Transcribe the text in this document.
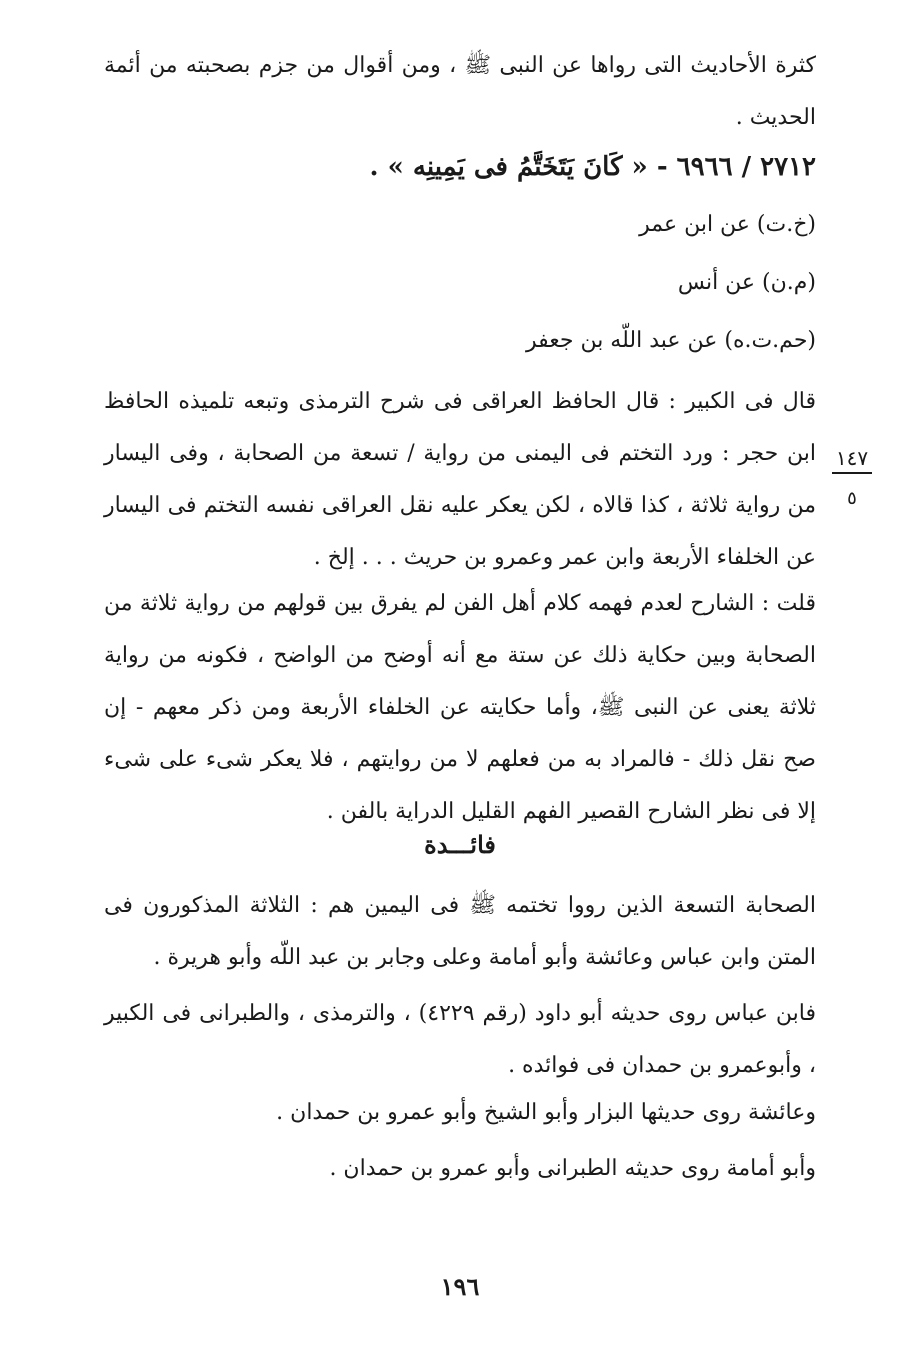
كثرة الأحاديث التى رواها عن النبى ﷺ ، ومن أقوال من جزم بصحبته من أئمة الحديث .
٢٧١٢ / ٦٩٦٦ - « كَانَ يَتَخَتَّمُ فى يَمِينِه » .
(خ.ت) عن ابن عمر
(م.ن) عن أنس
(حم.ت.ه) عن عبد اللّه بن جعفر
قال فى الكبير : قال الحافظ العراقى فى شرح الترمذى وتبعه تلميذه الحافظ ابن حجر : ورد التختم فى اليمنى من رواية / تسعة من الصحابة ، وفى اليسار من رواية ثلاثة ، كذا قالاه ، لكن يعكر عليه نقل العراقى نفسه التختم فى اليسار عن الخلفاء الأربعة وابن عمر وعمرو بن حريث . . . إلخ .
١٤٧
٥
قلت : الشارح لعدم فهمه كلام أهل الفن لم يفرق بين قولهم من رواية ثلاثة من الصحابة وبين حكاية ذلك عن ستة مع أنه أوضح من الواضح ، فكونه من رواية ثلاثة يعنى عن النبى ﷺ، وأما حكايته عن الخلفاء الأربعة ومن ذكر معهم - إن صح نقل ذلك - فالمراد به من فعلهم لا من روايتهم ، فلا يعكر شىء على شىء إلا فى نظر الشارح القصير الفهم القليل الدراية بالفن .
فائـــدة
الصحابة التسعة الذين رووا تختمه ﷺ فى اليمين هم : الثلاثة المذكورون فى المتن وابن عباس وعائشة وأبو أمامة وعلى وجابر بن عبد اللّه وأبو هريرة .
فابن عباس روى حديثه أبو داود (رقم ٤٢٢٩) ، والترمذى ، والطبرانى فى الكبير ، وأبوعمرو بن حمدان فى فوائده .
وعائشة روى حديثها البزار وأبو الشيخ وأبو عمرو بن حمدان .
وأبو أمامة روى حديثه الطبرانى وأبو عمرو بن حمدان .
١٩٦
